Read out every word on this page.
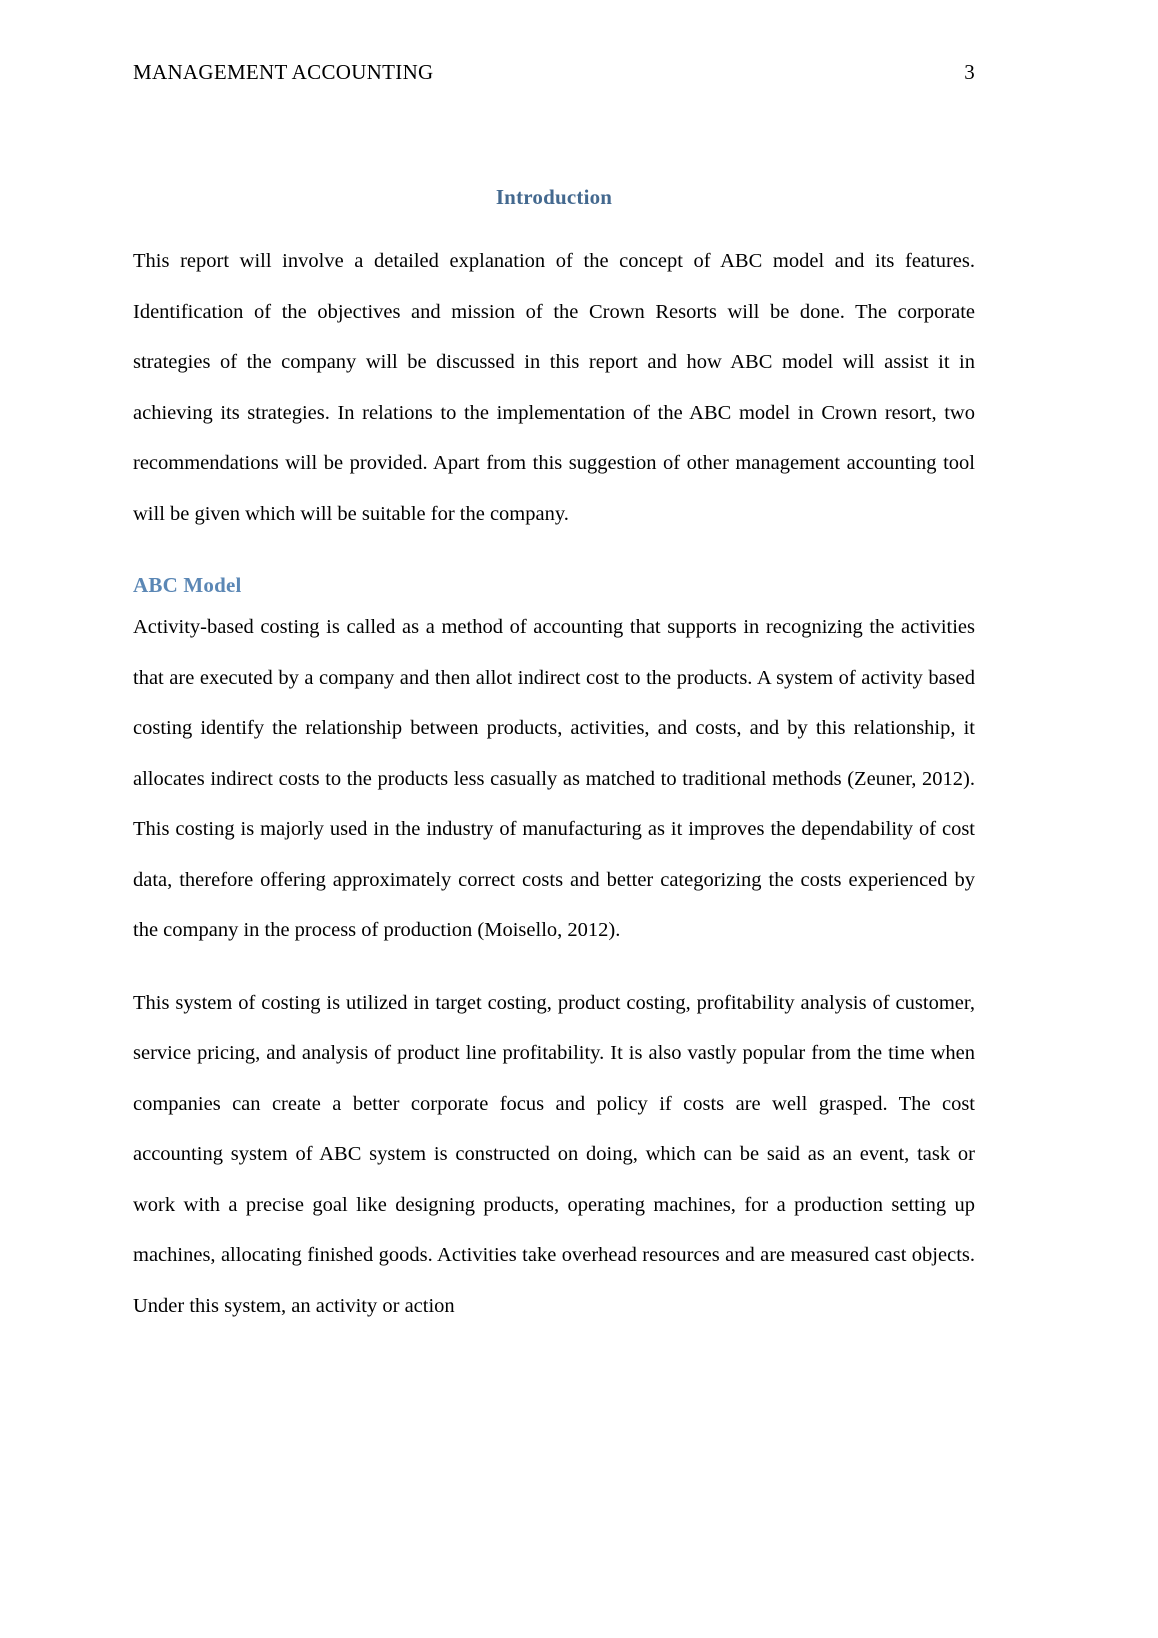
MANAGEMENT ACCOUNTING	3
Introduction

This report will involve a detailed explanation of the concept of ABC model and its features. Identification of the objectives and mission of the Crown Resorts will be done. The corporate strategies of the company will be discussed in this report and how ABC model will assist it in achieving its strategies. In relations to the implementation of the ABC model in Crown resort, two recommendations will be provided. Apart from this suggestion of other management accounting tool will be given which will be suitable for the company.

ABC Model

Activity-based costing is called as a method of accounting that supports in recognizing the activities that are executed by a company and then allot indirect cost to the products. A system of activity based costing identify the relationship between products, activities, and costs, and by this relationship, it allocates indirect costs to the products less casually as matched to traditional methods (Zeuner, 2012). This costing is majorly used in the industry of manufacturing as it improves the dependability of cost data, therefore offering approximately correct costs and better categorizing the costs experienced by the company in the process of production (Moisello, 2012).

This system of costing is utilized in target costing, product costing, profitability analysis of customer, service pricing, and analysis of product line profitability. It is also vastly popular from the time when companies can create a better corporate focus and policy if costs are well grasped. The cost accounting system of ABC system is constructed on doing, which can be said as an event, task or work with a precise goal like designing products, operating machines, for a production setting up machines, allocating finished goods. Activities take overhead resources and are measured cast objects. Under this system, an activity or action
